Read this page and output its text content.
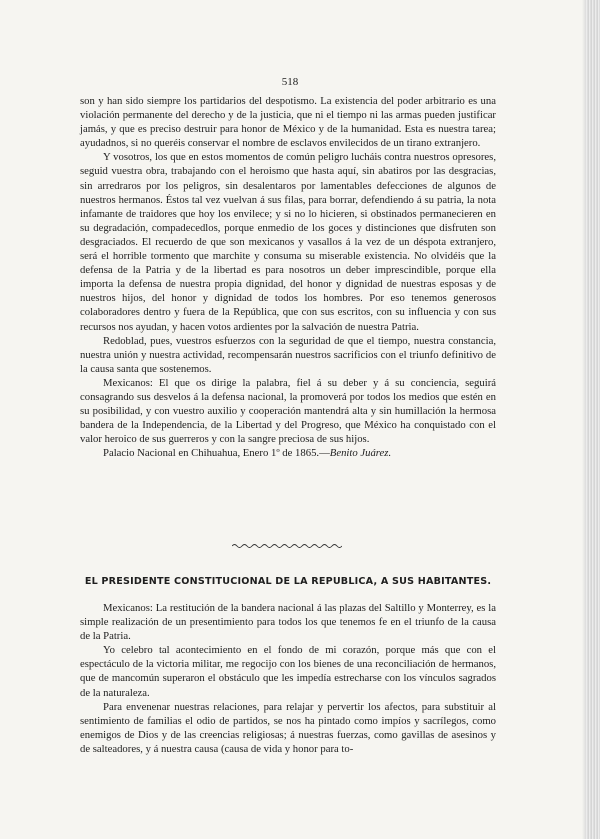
518

son y han sido siempre los partidarios del despotismo. La existencia del poder arbitrario es una violación permanente del derecho y de la justicia, que ni el tiempo ni las armas pueden justificar jamás, y que es preciso destruir para honor de México y de la humanidad. Esta es nuestra tarea; ayudadnos, si no queréis conservar el nombre de esclavos envilecidos de un tirano extranjero.

Y vosotros, los que en estos momentos de común peligro lucháis contra nuestros opresores, seguid vuestra obra, trabajando con el heroismo que hasta aquí, sin abatiros por las desgracias, sin arredraros por los peligros, sin desalentaros por lamentables defecciones de algunos de nuestros hermanos. Éstos tal vez vuelvan á sus filas, para borrar, defendiendo á su patria, la nota infamante de traidores que hoy los envilece; y si no lo hicieren, si obstinados permanecieren en su degradación, compadecedlos, porque enmedio de los goces y distinciones que disfruten son desgraciados. El recuerdo de que son mexicanos y vasallos á la vez de un déspota extranjero, será el horrible tormento que marchite y consuma su miserable existencia. No olvidéis que la defensa de la Patria y de la libertad es para nosotros un deber imprescindible, porque ella importa la defensa de nuestra propia dignidad, del honor y dignidad de nuestras esposas y de nuestros hijos, del honor y dignidad de todos los hombres. Por eso tenemos generosos colaboradores dentro y fuera de la República, que con sus escritos, con su influencia y con sus recursos nos ayudan, y hacen votos ardientes por la salvación de nuestra Patria.

Redoblad, pues, vuestros esfuerzos con la seguridad de que el tiempo, nuestra constancia, nuestra unión y nuestra actividad, recompensarán nuestros sacrificios con el triunfo definitivo de la causa santa que sostenemos.

Mexicanos: El que os dirige la palabra, fiel á su deber y á su conciencia, seguirá consagrando sus desvelos á la defensa nacional, la promoverá por todos los medios que estén en su posibilidad, y con vuestro auxilio y cooperación mantendrá alta y sin humillación la hermosa bandera de la Independencia, de la Libertad y del Progreso, que México ha conquistado con el valor heroico de sus guerreros y con la sangre preciosa de sus hijos.

Palacio Nacional en Chihuahua, Enero 1º de 1865.—Benito Juárez.

EL PRESIDENTE CONSTITUCIONAL DE LA REPUBLICA, A SUS HABITANTES.

Mexicanos: La restitución de la bandera nacional á las plazas del Saltillo y Monterrey, es la simple realización de un presentimiento para todos los que tenemos fe en el triunfo de la causa de la Patria.

Yo celebro tal acontecimiento en el fondo de mi corazón, porque más que con el espectáculo de la victoria militar, me regocijo con los bienes de una reconciliación de hermanos, que de mancomún superaron el obstáculo que les impedía estrecharse con los vínculos sagrados de la naturaleza.

Para envenenar nuestras relaciones, para relajar y pervertir los afectos, para substituir al sentimiento de familias el odio de partidos, se nos ha pintado como impíos y sacrílegos, como enemigos de Dios y de las creencias religiosas; á nuestras fuerzas, como gavillas de asesinos y de salteadores, y á nuestra causa (causa de vida y honor para to-
